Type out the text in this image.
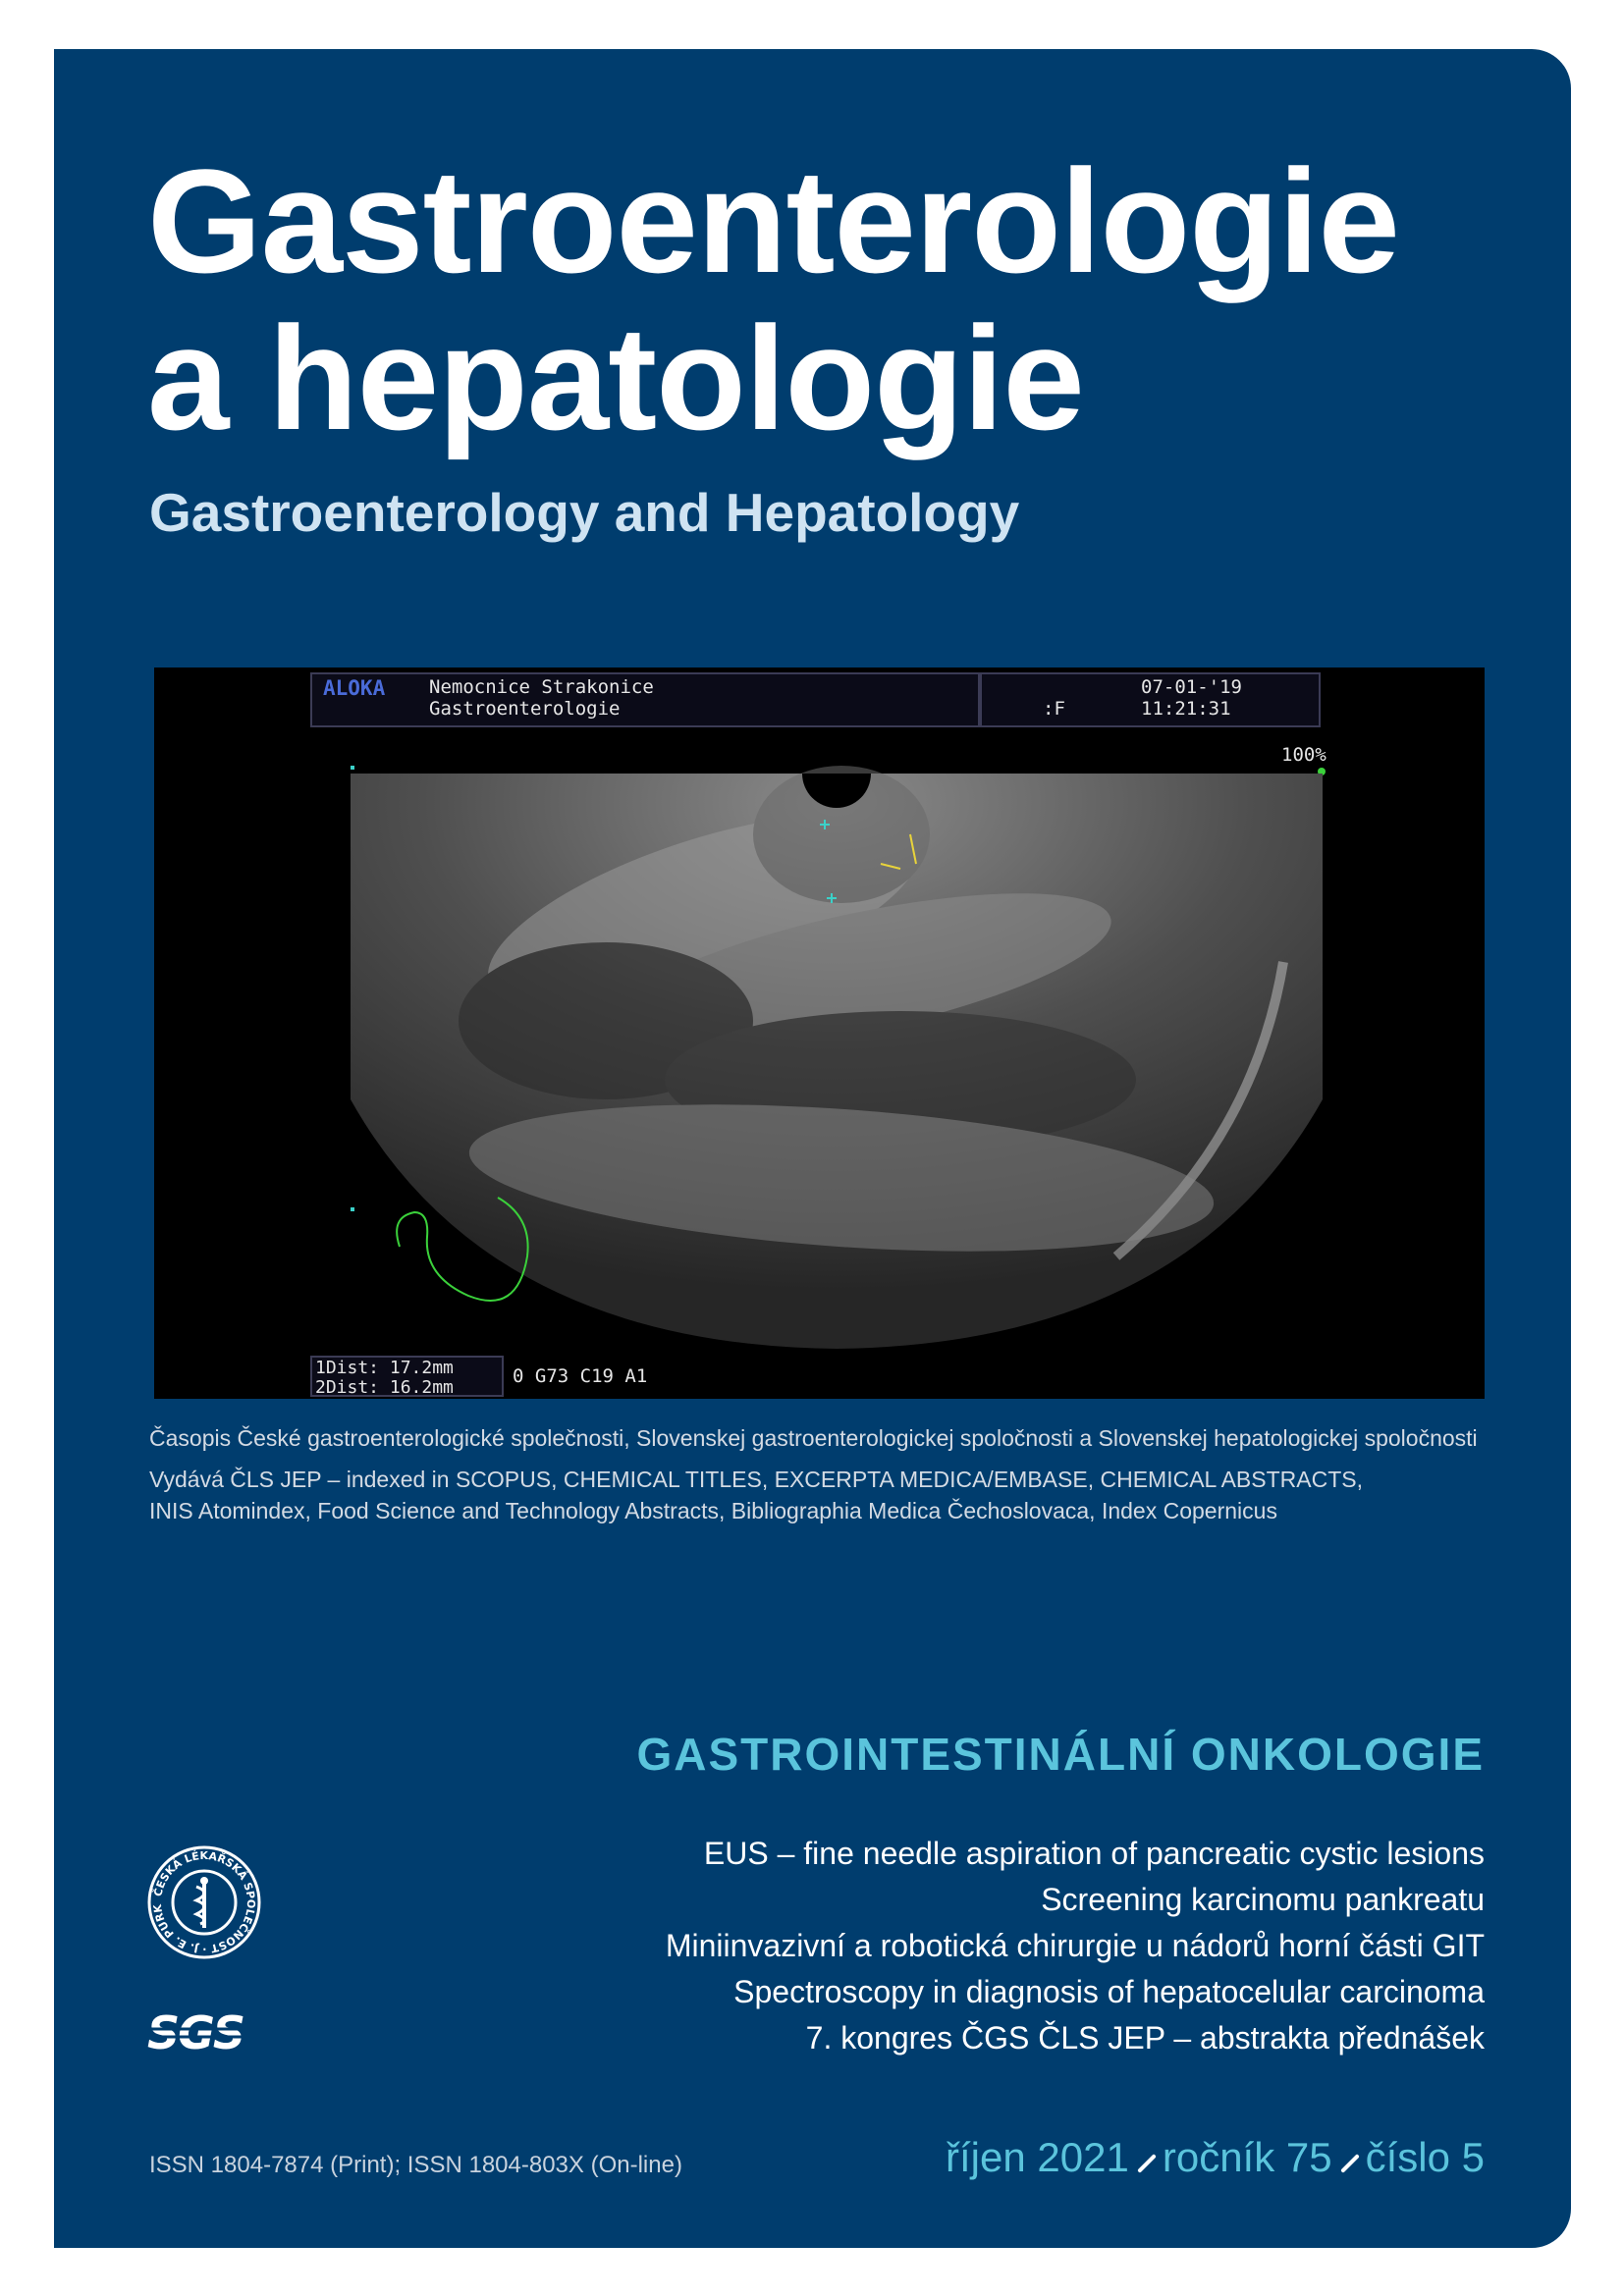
Gastroenterologie
a hepatologie
Gastroenterology and Hepatology
ALOKA Nemocnice Strakonice
Gastroenterologie	:F
07-01-'19
11:21:31
100%
1Dist: 17.2mm
2Dist: 16.2mm
0 G73 C19 A1
Časopis České gastroenterologické společnosti, Slovenskej gastroenterologickej spoločnosti a Slovenskej hepatologickej spoločnosti
Vydává ČLS JEP – indexed in SCOPUS, CHEMICAL TITLES, EXCERPTA MEDICA/EMBASE, CHEMICAL ABSTRACTS,
INIS Atomindex, Food Science and Technology Abstracts, Bibliographia Medica Čechoslovaca, Index Copernicus
GASTROINTESTINÁLNÍ ONKOLOGIE
EUS – fine needle aspiration of pancreatic cystic lesions
Screening karcinomu pankreatu
Miniinvazivní a robotická chirurgie u nádorů horní části GIT
Spectroscopy in diagnosis of hepatocelular carcinoma
7. kongres ČGS ČLS JEP – abstrakta přednášek
ČESKÁ LÉKAŘSKÁ SPOLEČNOST · J. E. PURK
SGS
ISSN 1804-7874 (Print); ISSN 1804-803X (On-line)	říjen 2021 ročník 75 číslo 5
